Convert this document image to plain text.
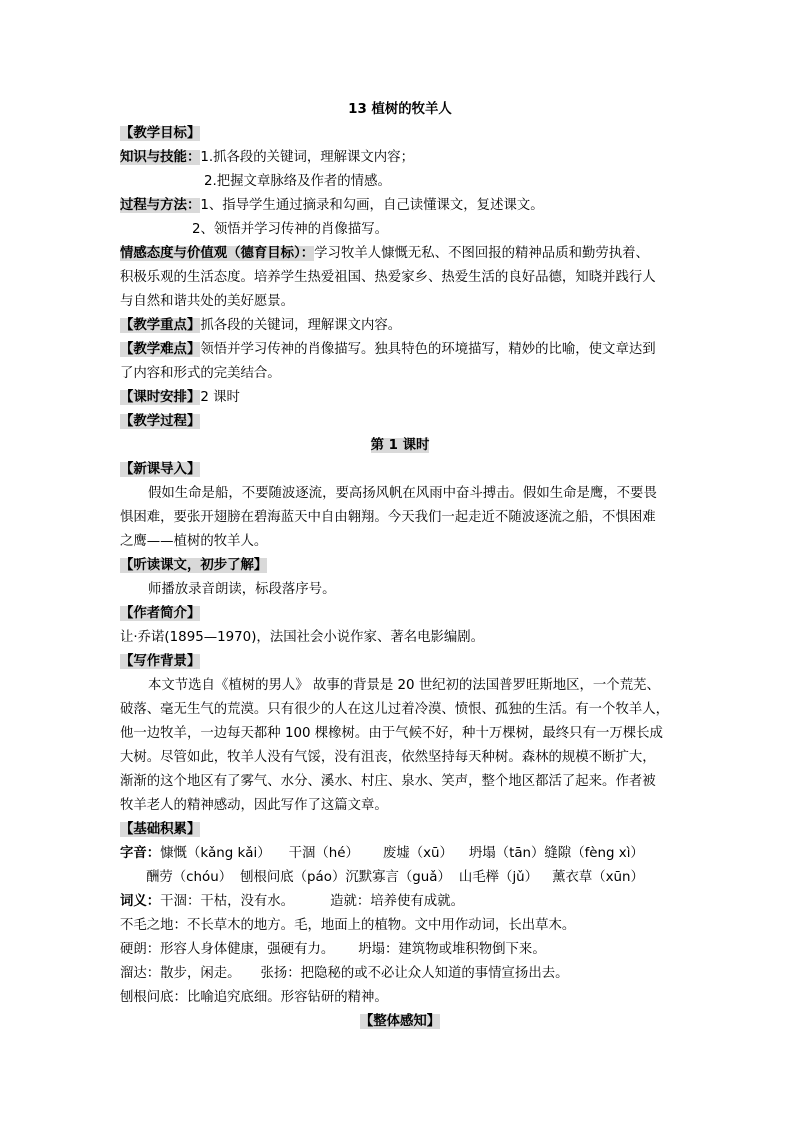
13 植树的牧羊人
【教学目标】
知识与技能：1.抓各段的关键词，理解课文内容；
2.把握文章脉络及作者的情感。
过程与方法：1、指导学生通过摘录和勾画，自己读懂课文，复述课文。
2、领悟并学习传神的肖像描写。
情感态度与价值观（德育目标）：学习牧羊人慷慨无私、不图回报的精神品质和勤劳执着、
积极乐观的生活态度。培养学生热爱祖国、热爱家乡、热爱生活的良好品德，知晓并践行人
与自然和谐共处的美好愿景。
【教学重点】抓各段的关键词，理解课文内容。
【教学难点】领悟并学习传神的肖像描写。独具特色的环境描写，精妙的比喻，使文章达到
了内容和形式的完美结合。
【课时安排】2 课时
【教学过程】
第 1 课时
【新课导入】
假如生命是船，不要随波逐流，要高扬风帆在风雨中奋斗搏击。假如生命是鹰，不要畏
惧困难，要张开翅膀在碧海蓝天中自由翱翔。今天我们一起走近不随波逐流之船，不惧困难
之鹰——植树的牧羊人。
【听读课文，初步了解】
师播放录音朗读，标段落序号。
【作者简介】
让·乔诺(1895—1970)，法国社会小说作家、著名电影编剧。
【写作背景】
本文节选自《植树的男人》 故事的背景是 20 世纪初的法国普罗旺斯地区，一个荒芜、
破落、毫无生气的荒漠。只有很少的人在这儿过着冷漠、愤恨、孤独的生活。有一个牧羊人，
他一边牧羊，一边每天都种 100 棵橡树。由于气候不好，种十万棵树，最终只有一万棵长成
大树。尽管如此，牧羊人没有气馁，没有沮丧，依然坚持每天种树。森林的规模不断扩大，
渐渐的这个地区有了雾气、水分、溪水、村庄、泉水、笑声，整个地区都活了起来。作者被
牧羊老人的精神感动，因此写作了这篇文章。
【基础积累】
字音：慷慨（kǎng kǎi） 干涸（hé） 废墟（xū） 坍塌（tān）缝隙（fèng xì）
酬劳（chóu） 刨根问底（páo）沉默寡言（guǎ） 山毛榉（jǔ） 薰衣草（xūn）
词义：干涸：干枯，没有水。	造就：培养使有成就。
不毛之地：不长草木的地方。毛，地面上的植物。文中用作动词，长出草木。
硬朗：形容人身体健康，强硬有力。 坍塌：建筑物或堆积物倒下来。
溜达：散步，闲走。 张扬：把隐秘的或不必让众人知道的事情宣扬出去。
刨根问底：比喻追究底细。形容钻研的精神。
【整体感知】
